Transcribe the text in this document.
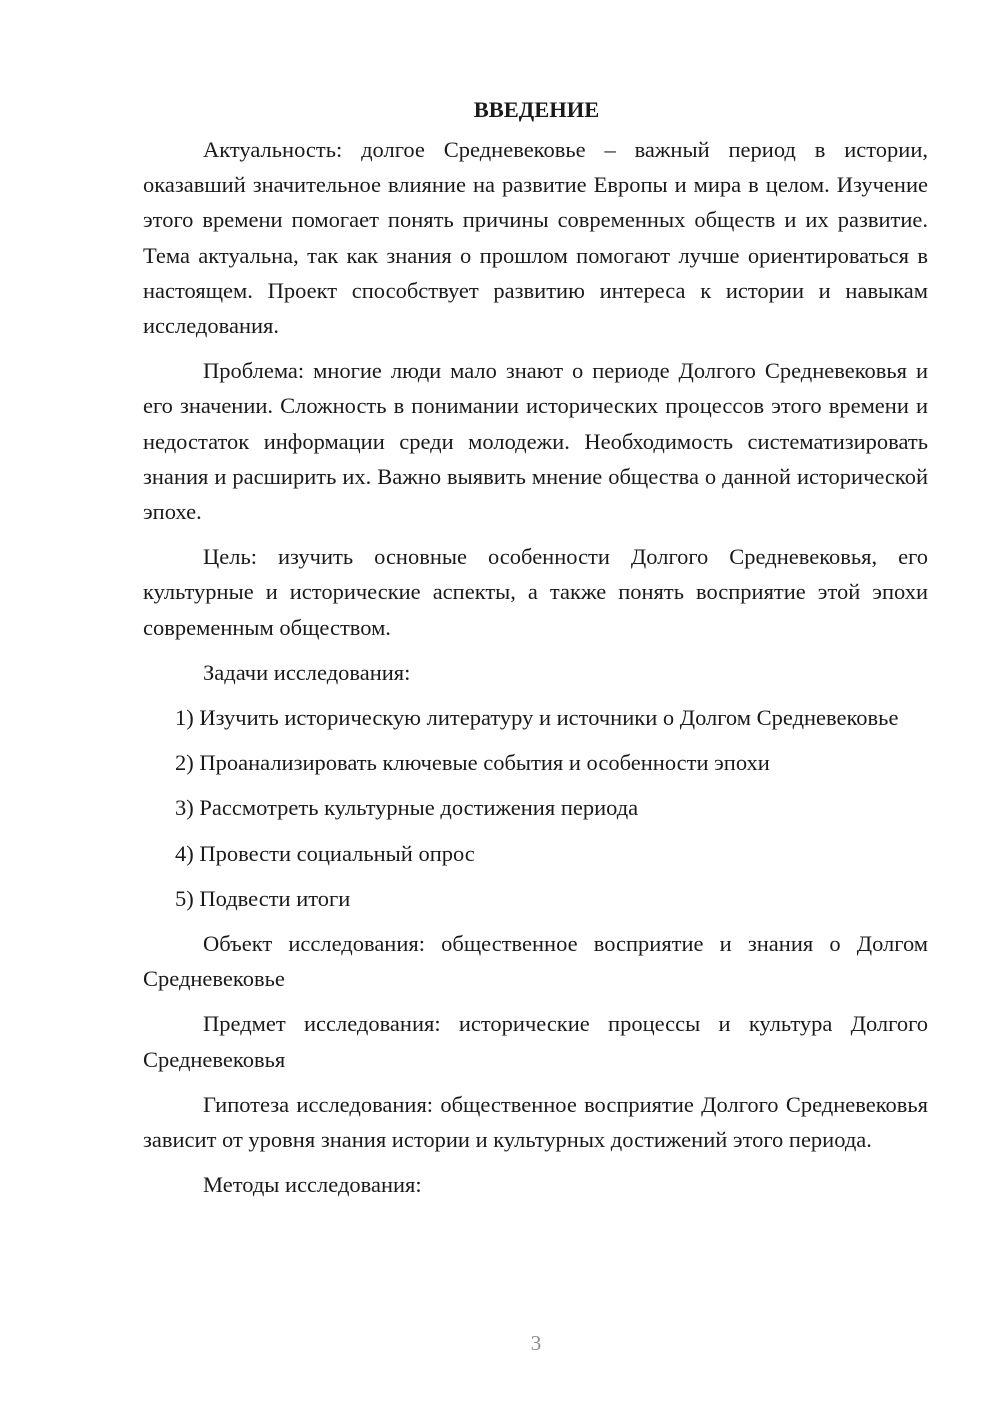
ВВЕДЕНИЕ

Актуальность: долгое Средневековье – важный период в истории, оказавший значительное влияние на развитие Европы и мира в целом. Изучение этого времени помогает понять причины современных обществ и их развитие. Тема актуальна, так как знания о прошлом помогают лучше ориентироваться в настоящем. Проект способствует развитию интереса к истории и навыкам исследования.

Проблема: многие люди мало знают о периоде Долгого Средневековья и его значении. Сложность в понимании исторических процессов этого времени и недостаток информации среди молодежи. Необходимость систематизировать знания и расширить их. Важно выявить мнение общества о данной исторической эпохе.

Цель: изучить основные особенности Долгого Средневековья, его культурные и исторические аспекты, а также понять восприятие этой эпохи современным обществом.

Задачи исследования:

1) Изучить историческую литературу и источники о Долгом Средневековье

2) Проанализировать ключевые события и особенности эпохи

3) Рассмотреть культурные достижения периода

4) Провести социальный опрос

5) Подвести итоги

Объект исследования: общественное восприятие и знания о Долгом Средневековье

Предмет исследования: исторические процессы и культура Долгого Средневековья

Гипотеза исследования: общественное восприятие Долгого Средневековья зависит от уровня знания истории и культурных достижений этого периода.

Методы исследования:

3
